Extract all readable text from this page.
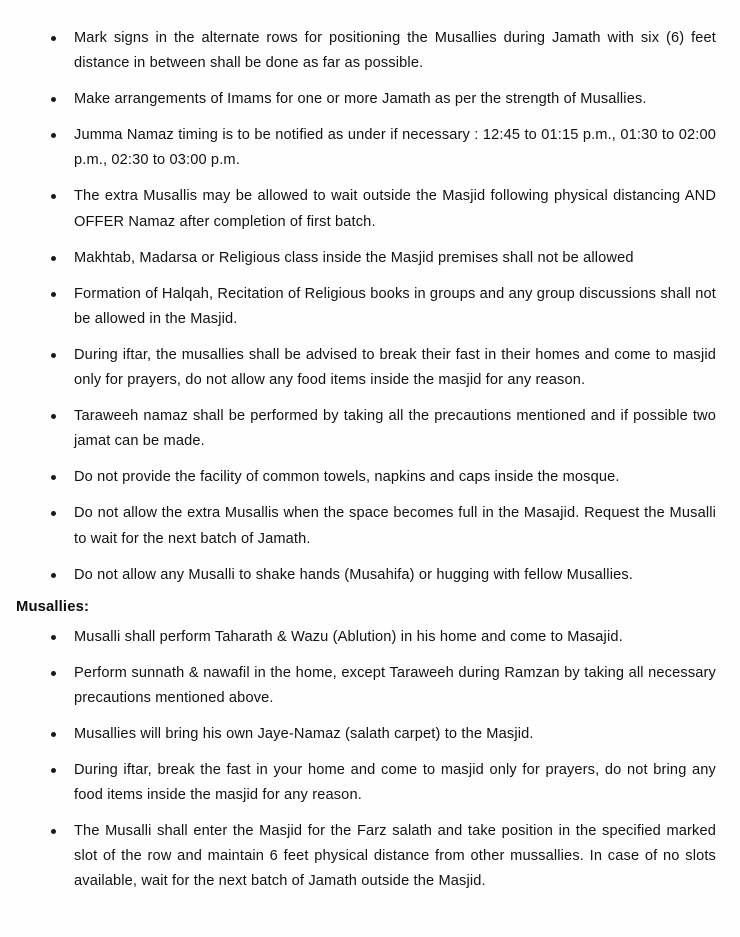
Mark signs in the alternate rows for positioning the Musallies during Jamath with six (6) feet distance in between shall be done as far as possible.
Make arrangements of Imams for one or more Jamath as per the strength of Musallies.
Jumma Namaz timing is to be notified as under if necessary : 12:45 to 01:15 p.m., 01:30 to 02:00 p.m., 02:30 to 03:00 p.m.
The extra Musallis may be allowed to wait outside the Masjid following physical distancing AND OFFER Namaz after completion of first batch.
Makhtab, Madarsa or Religious class inside the Masjid premises shall not be allowed
Formation of Halqah, Recitation of Religious books in groups and any group discussions shall not be allowed in the Masjid.
During iftar, the musallies shall be advised to break their fast in their homes and come to masjid only for prayers, do not allow any food items inside the masjid for any reason.
Taraweeh namaz shall be performed by taking all the precautions mentioned and if possible two jamat can be made.
Do not provide the facility of common towels, napkins and caps inside the mosque.
Do not allow the extra Musallis when the space becomes full in the Masajid. Request the Musalli to wait for the next batch of Jamath.
Do not allow any Musalli to shake hands (Musahifa) or hugging with fellow Musallies.
Musallies:
Musalli shall perform Taharath & Wazu (Ablution) in his home and come to Masajid.
Perform sunnath & nawafil in the home, except Taraweeh during Ramzan by taking all necessary precautions mentioned above.
Musallies will bring his own Jaye-Namaz (salath carpet) to the Masjid.
During iftar, break the fast in your home and come to masjid only for prayers, do not bring any food items inside the masjid for any reason.
The Musalli shall enter the Masjid for the Farz salath and take position in the specified marked slot of the row and maintain 6 feet physical distance from other mussallies. In case of no slots available, wait for the next batch of Jamath outside the Masjid.
